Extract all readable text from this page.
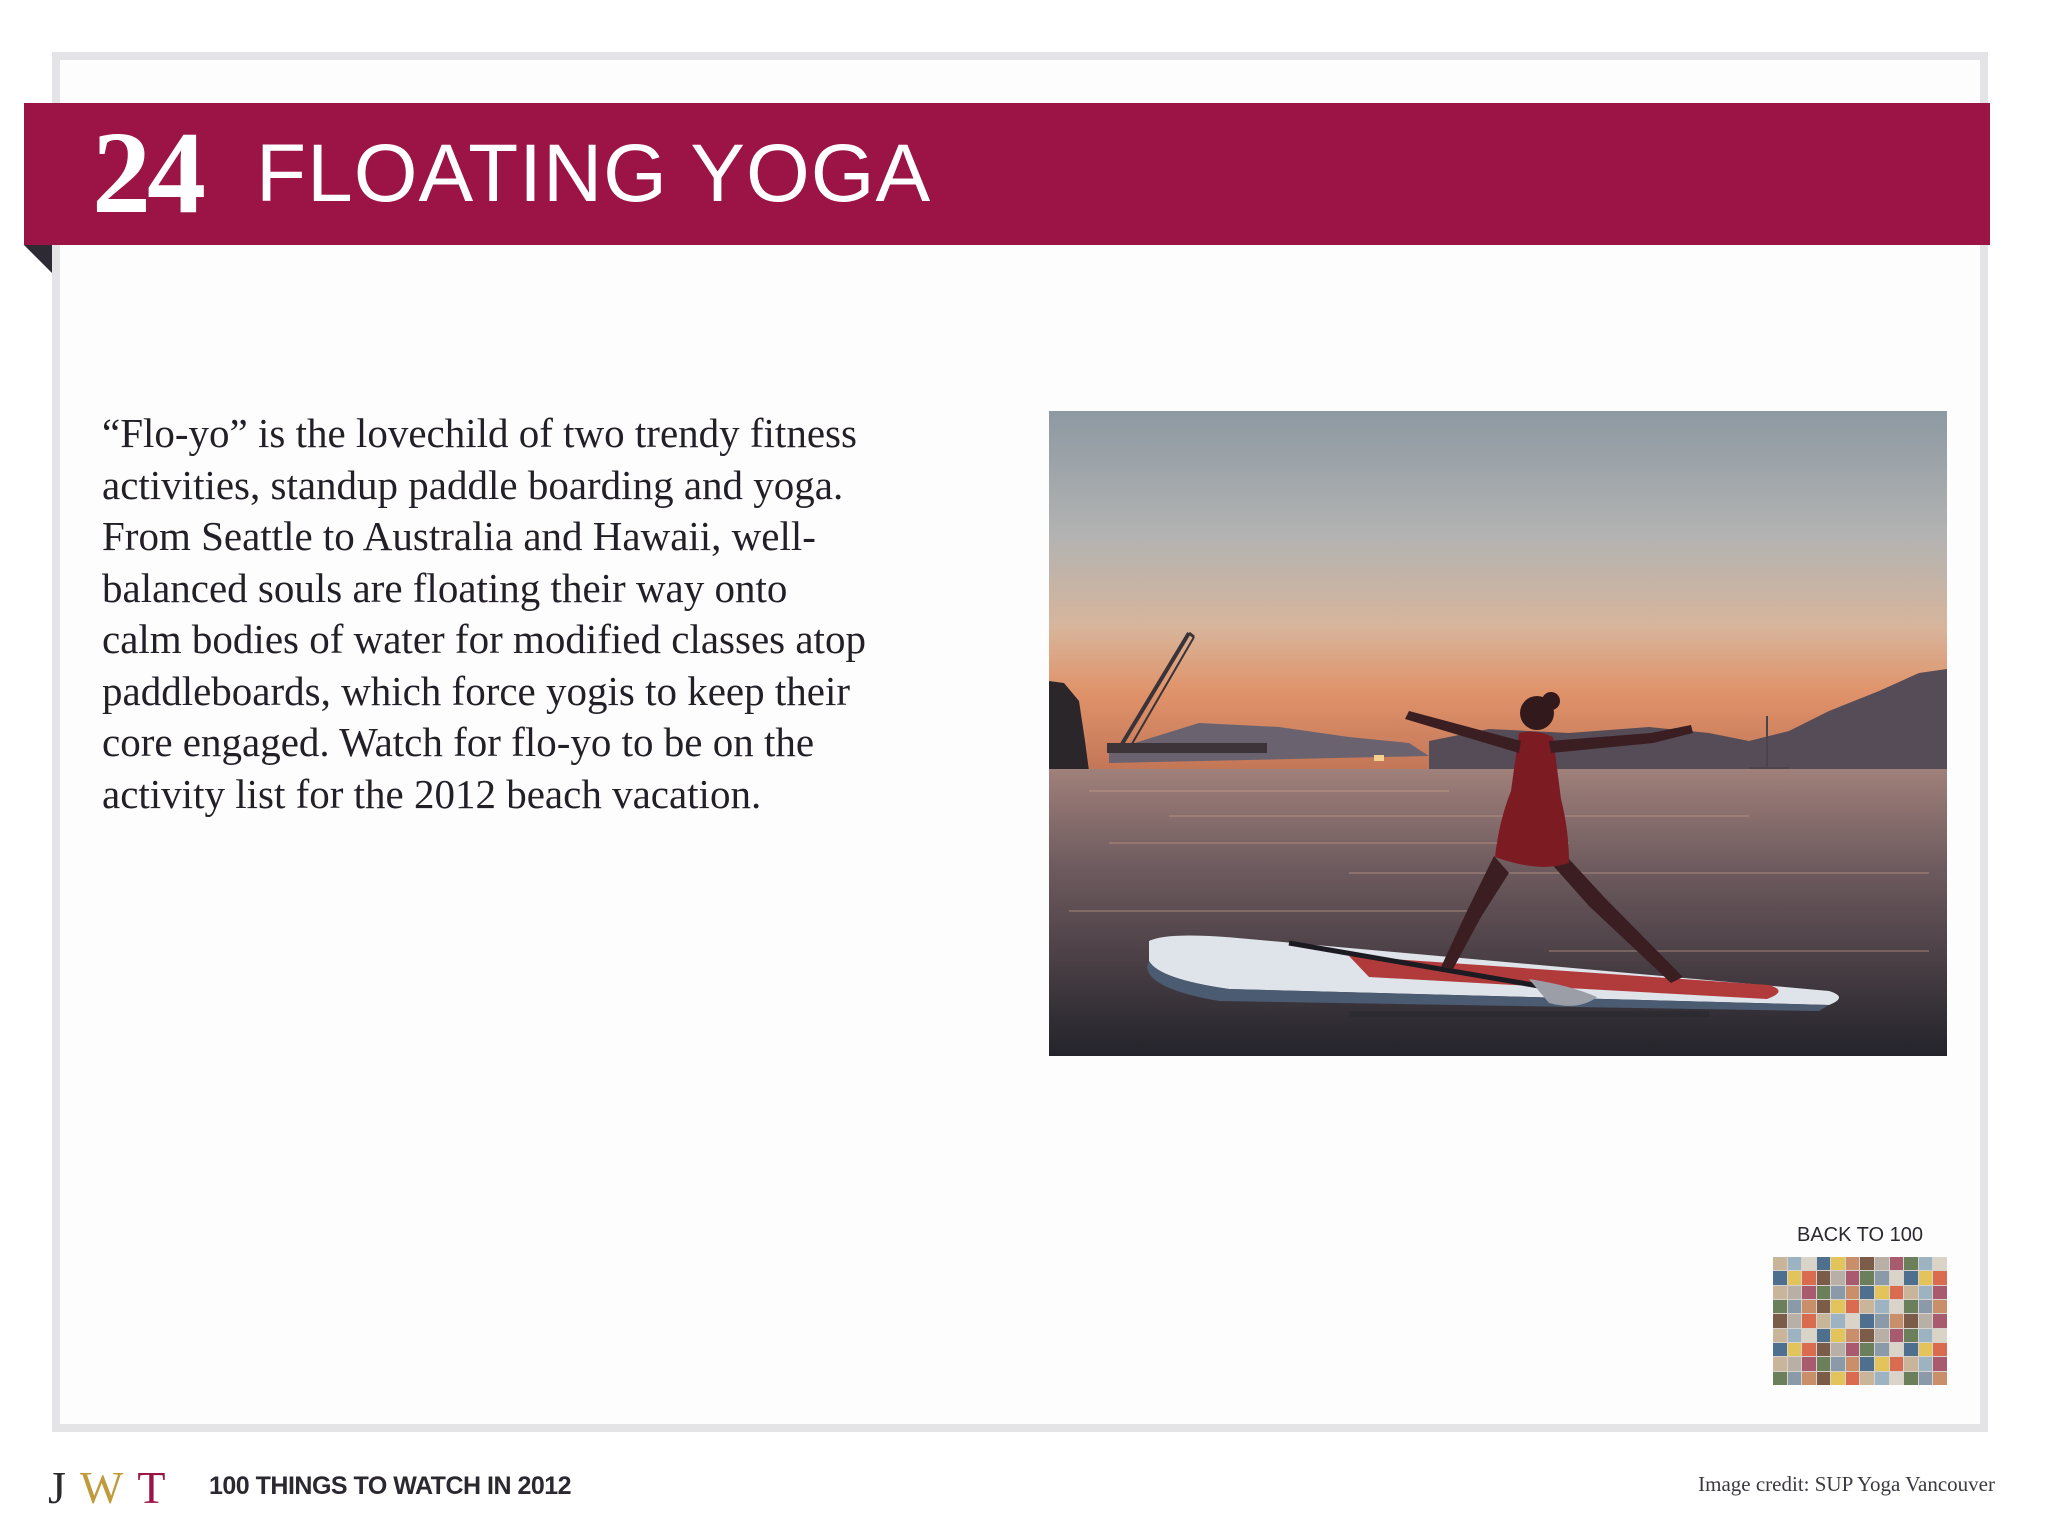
24 FLOATING YOGA

“Flo-yo” is the lovechild of two trendy fitness
activities, standup paddle boarding and yoga.
From Seattle to Australia and Hawaii, well-
balanced souls are floating their way onto
calm bodies of water for modified classes atop
paddleboards, which force yogis to keep their
core engaged. Watch for flo-yo to be on the
activity list for the 2012 beach vacation.

BACK TO 100
JWT 100 THINGS TO WATCH IN 2012	Image credit: SUP Yoga Vancouver
